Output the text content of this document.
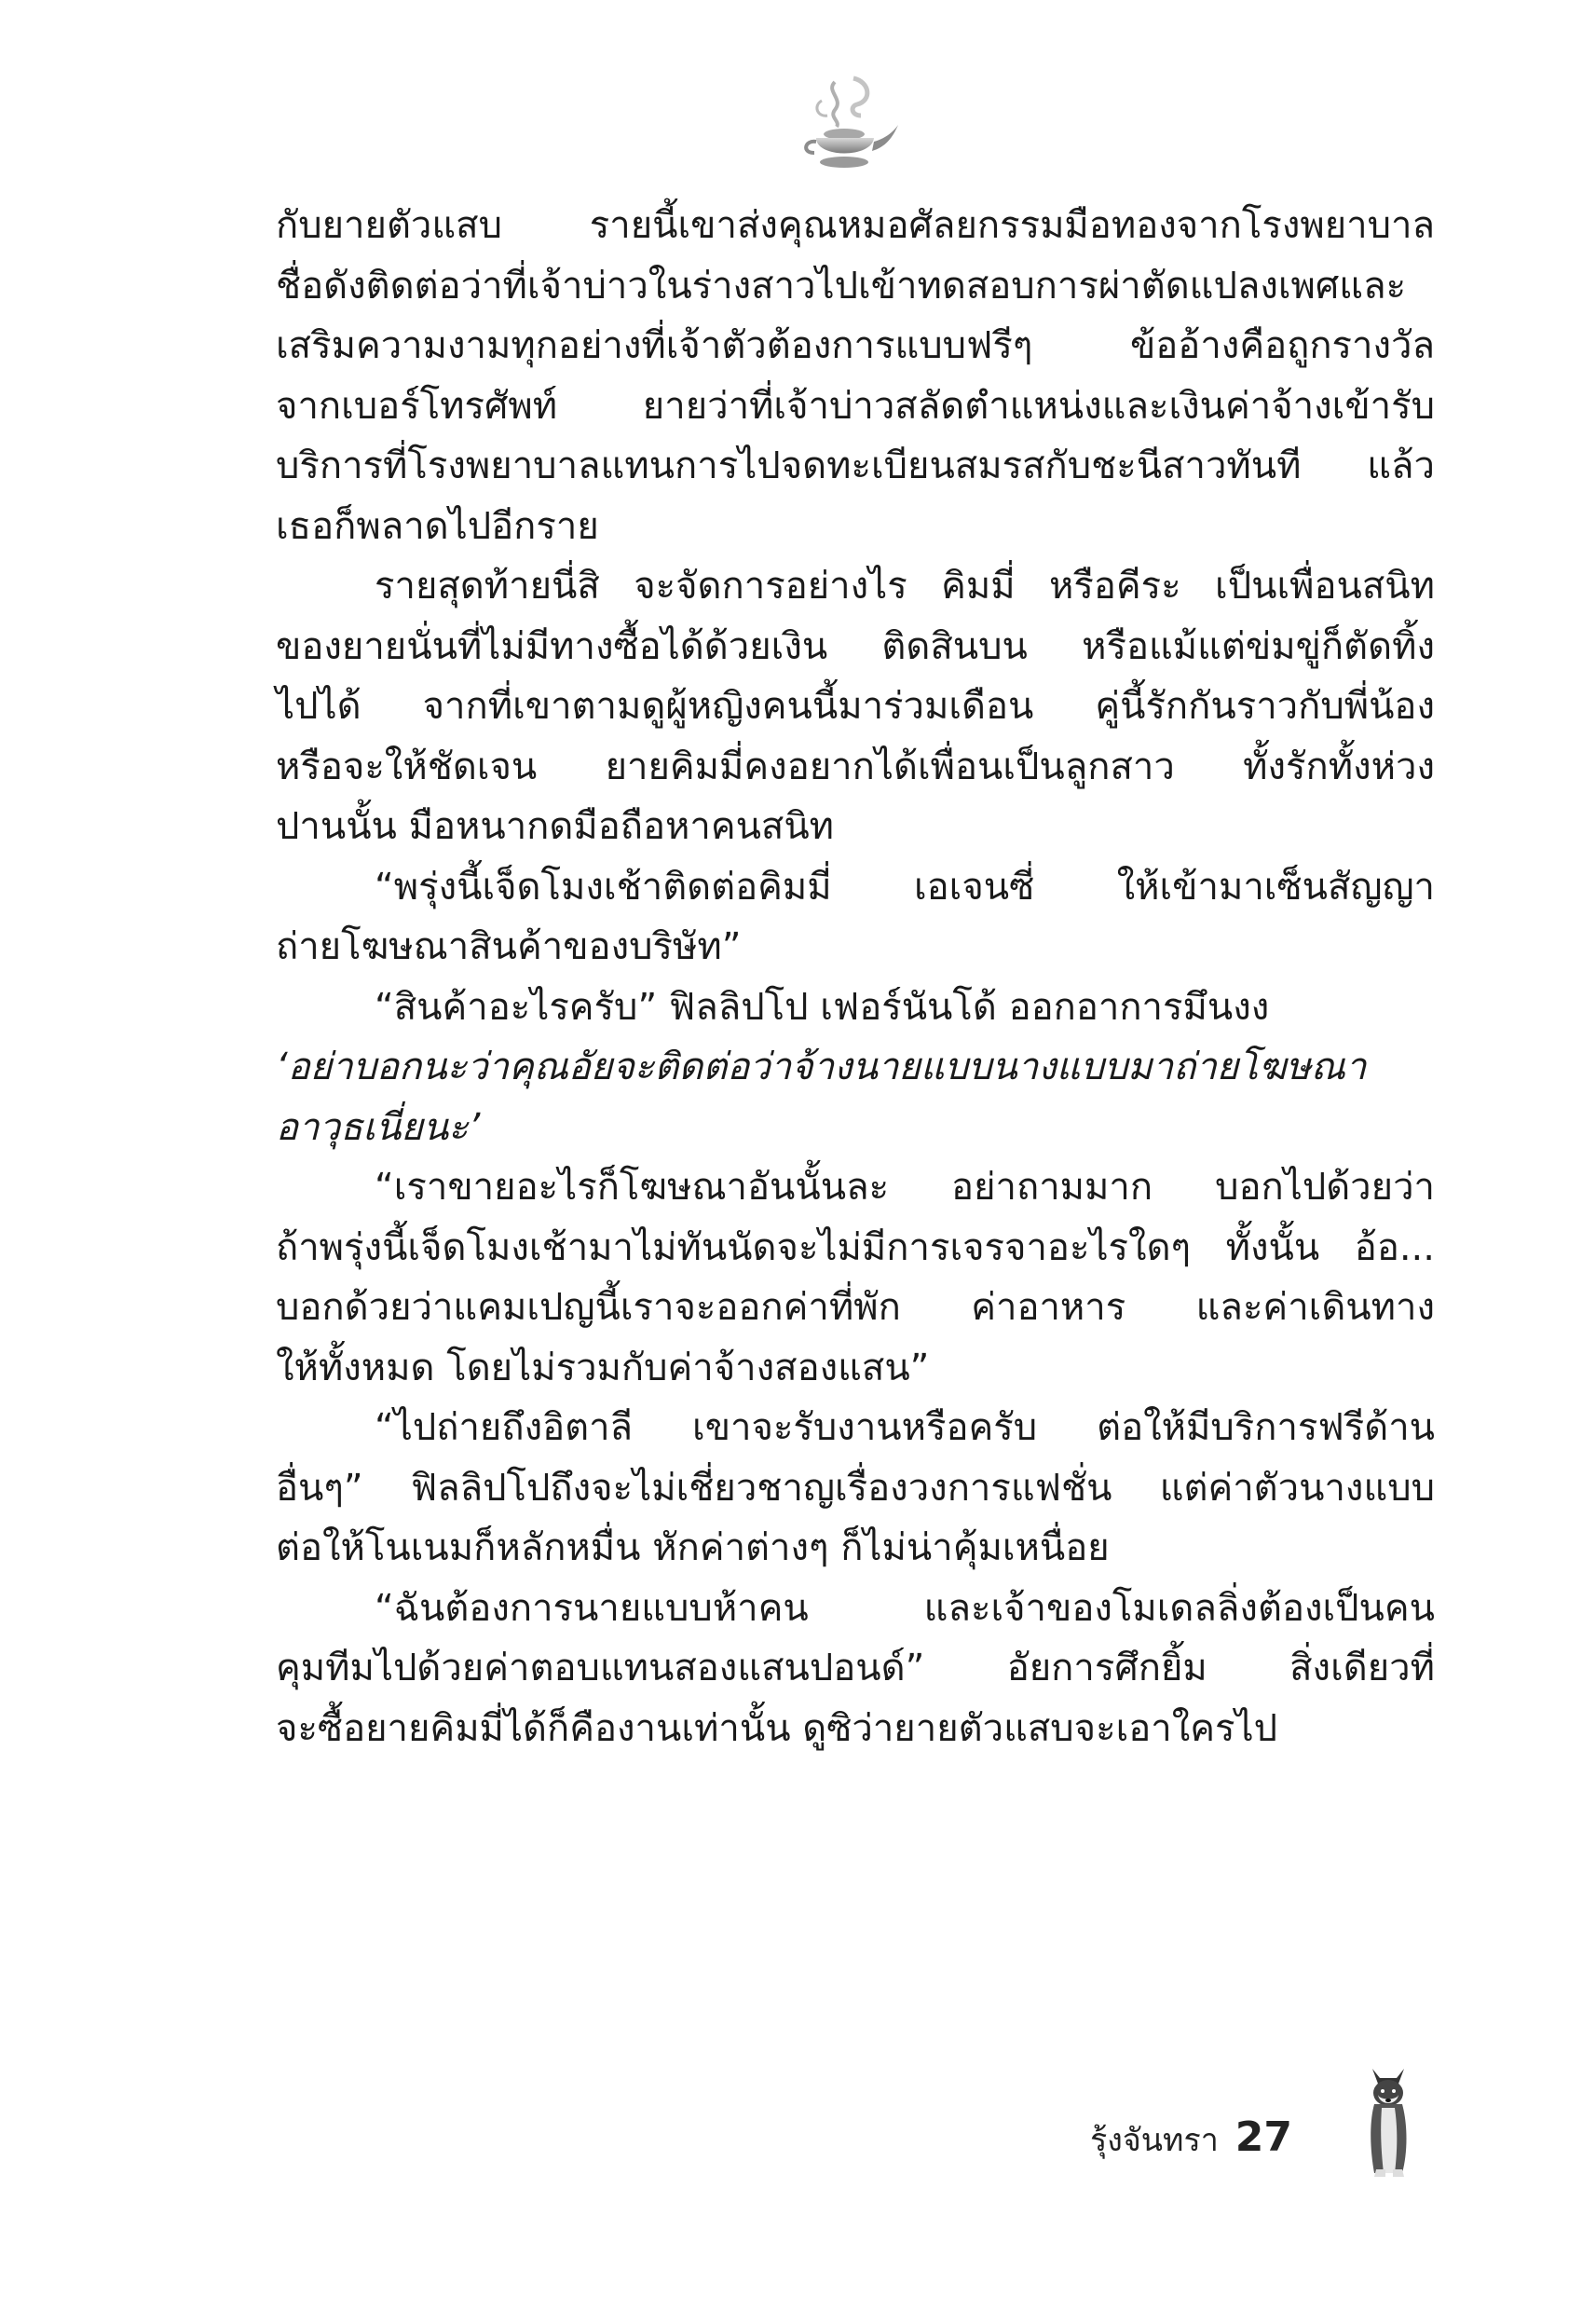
กับยายตัวแสบ รายนี้เขาส่งคุณหมอศัลยกรรมมือทองจากโรงพยาบาล
ชื่อดังติดต่อว่าที่เจ้าบ่าวในร่างสาวไปเข้าทดสอบการผ่าตัดแปลงเพศและ
เสริมความงามทุกอย่างที่เจ้าตัวต้องการแบบฟรีๆ ข้ออ้างคือถูกรางวัล
จากเบอร์โทรศัพท์ ยายว่าที่เจ้าบ่าวสลัดตำแหน่งและเงินค่าจ้างเข้ารับ
บริการที่โรงพยาบาลแทนการไปจดทะเบียนสมรสกับชะนีสาวทันที แล้ว
เธอก็พลาดไปอีกราย
รายสุดท้ายนี่สิ จะจัดการอย่างไร คิมมี่ หรือคีระ เป็นเพื่อนสนิท
ของยายนั่นที่ไม่มีทางซื้อได้ด้วยเงิน ติดสินบน หรือแม้แต่ข่มขู่ก็ตัดทิ้ง
ไปได้ จากที่เขาตามดูผู้หญิงคนนี้มาร่วมเดือน คู่นี้รักกันราวกับพี่น้อง
หรือจะให้ชัดเจน ยายคิมมี่คงอยากได้เพื่อนเป็นลูกสาว ทั้งรักทั้งห่วง
ปานนั้น มือหนากดมือถือหาคนสนิท
“พรุ่งนี้เจ็ดโมงเช้าติดต่อคิมมี่ เอเจนซี่ ให้เข้ามาเซ็นสัญญา
ถ่ายโฆษณาสินค้าของบริษัท”
“สินค้าอะไรครับ” ฟิลลิปโป เฟอร์นันโด้ ออกอาการมึนงง
‘อย่าบอกนะว่าคุณอัยจะติดต่อว่าจ้างนายแบบนางแบบมาถ่ายโฆษณา
อาวุธเนี่ยนะ’
“เราขายอะไรก็โฆษณาอันนั้นละ อย่าถามมาก บอกไปด้วยว่า
ถ้าพรุ่งนี้เจ็ดโมงเช้ามาไม่ทันนัดจะไม่มีการเจรจาอะไรใดๆ ทั้งนั้น อ้อ...
บอกด้วยว่าแคมเปญนี้เราจะออกค่าที่พัก ค่าอาหาร และค่าเดินทาง
ให้ทั้งหมด โดยไม่รวมกับค่าจ้างสองแสน”
“ไปถ่ายถึงอิตาลี เขาจะรับงานหรือครับ ต่อให้มีบริการฟรีด้าน
อื่นๆ” ฟิลลิปโปถึงจะไม่เชี่ยวชาญเรื่องวงการแฟชั่น แต่ค่าตัวนางแบบ
ต่อให้โนเนมก็หลักหมื่น หักค่าต่างๆ ก็ไม่น่าคุ้มเหนื่อย
“ฉันต้องการนายแบบห้าคน และเจ้าของโมเดลลิ่งต้องเป็นคน
คุมทีมไปด้วยค่าตอบแทนสองแสนปอนด์” อัยการศึกยิ้ม สิ่งเดียวที่
จะซื้อยายคิมมี่ได้ก็คืองานเท่านั้น ดูซิว่ายายตัวแสบจะเอาใครไป
รุ้งจันทรา 27
